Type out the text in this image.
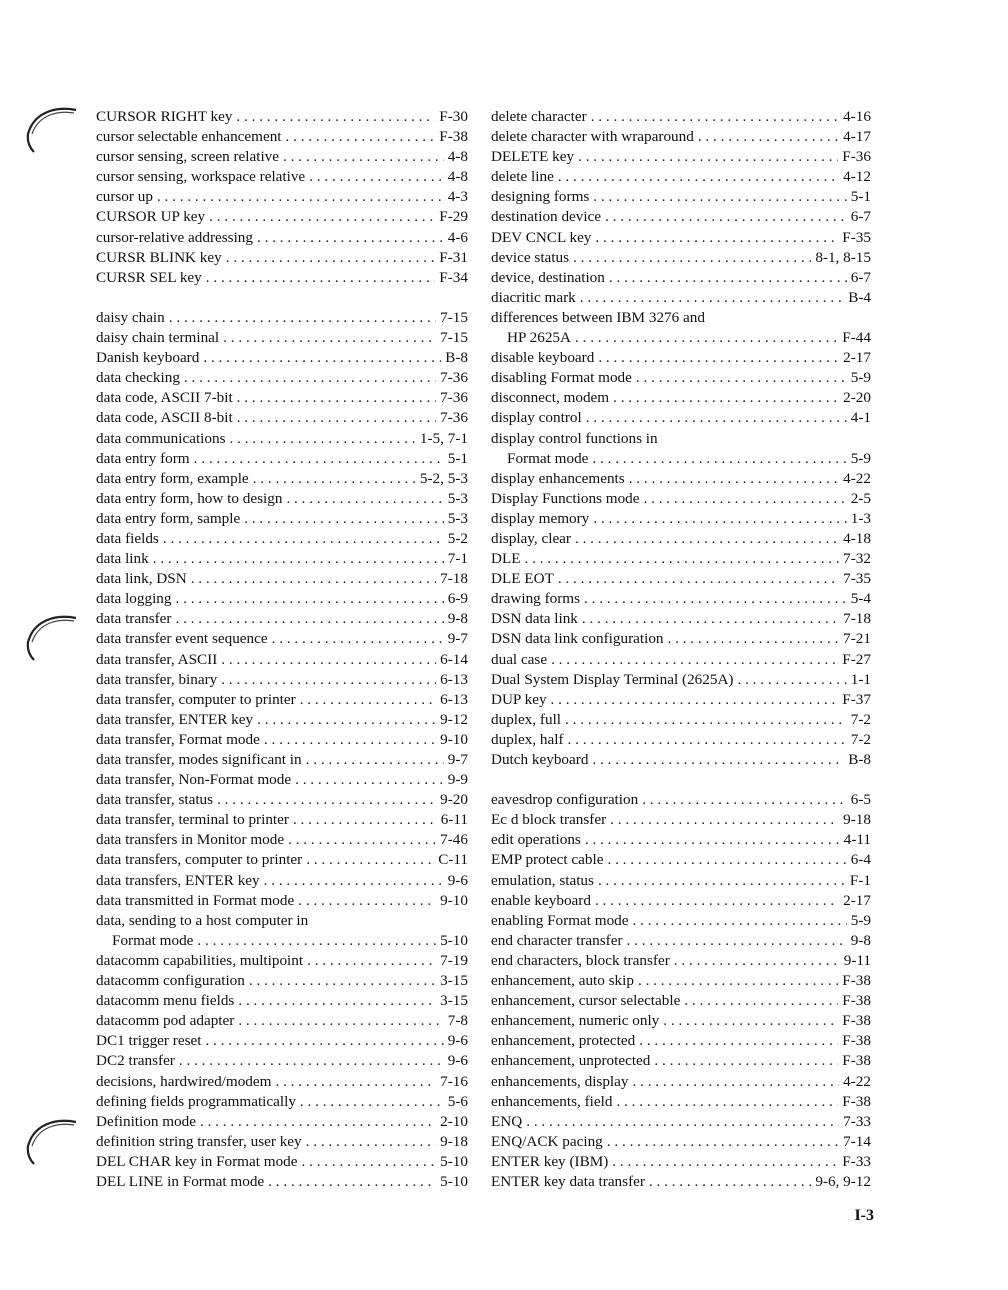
CURSOR RIGHT key . . .	F-30
cursor selectable enhancement . . .	F-38
cursor sensing, screen relative . . .	4-8
cursor sensing, workspace relative . . .	4-8
cursor up . . .	4-3
CURSOR UP key . . .	F-29
cursor-relative addressing . . .	4-6
CURSR BLINK key . . .	F-31
CURSR SEL key . . .	F-34
daisy chain . . .	7-15
daisy chain terminal . . .	7-15
Danish keyboard . . .	B-8
data checking . . .	7-36
data code, ASCII 7-bit . . .	7-36
data code, ASCII 8-bit . . .	7-36
data communications . . .	1-5, 7-1
data entry form . . .	5-1
data entry form, example . . .	5-2, 5-3
data entry form, how to design . . .	5-3
data entry form, sample . . .	5-3
data fields . . .	5-2
data link . . .	7-1
data link, DSN . . .	7-18
data logging . . .	6-9
data transfer . . .	9-8
data transfer event sequence . . .	9-7
data transfer, ASCII . . .	6-14
data transfer, binary . . .	6-13
data transfer, computer to printer . . .	6-13
data transfer, ENTER key . . .	9-12
data transfer, Format mode . . .	9-10
data transfer, modes significant in . . .	9-7
data transfer, Non-Format mode . . .	9-9
data transfer, status . . .	9-20
data transfer, terminal to printer . . .	6-11
data transfers in Monitor mode . . .	7-46
data transfers, computer to printer . . .	C-11
data transfers, ENTER key . . .	9-6
data transmitted in Format mode . . .	9-10
data, sending to a host computer in
Format mode . . .	5-10
datacomm capabilities, multipoint . . .	7-19
datacomm configuration . . .	3-15
datacomm menu fields . . .	3-15
datacomm pod adapter . . .	7-8
DC1 trigger reset . . .	9-6
DC2 transfer . . .	9-6
decisions, hardwired/modem . . .	7-16
defining fields programmatically . . .	5-6
Definition mode . . .	2-10
definition string transfer, user key . . .	9-18
DEL CHAR key in Format mode . . .	5-10
DEL LINE in Format mode . . .	5-10
delete character . . .	4-16
delete character with wraparound . . .	4-17
DELETE key . . .	F-36
delete line . . .	4-12
designing forms . . .	5-1
destination device . . .	6-7
DEV CNCL key . . .	F-35
device status . . .	8-1, 8-15
device, destination . . .	6-7
diacritic mark . . .	B-4
differences between IBM 3276 and
HP 2625A . . .	F-44
disable keyboard . . .	2-17
disabling Format mode . . .	5-9
disconnect, modem . . .	2-20
display control . . .	4-1
display control functions in
Format mode . . .	5-9
display enhancements . . .	4-22
Display Functions mode . . .	2-5
display memory . . .	1-3
display, clear . . .	4-18
DLE . . .	7-32
DLE EOT . . .	7-35
drawing forms . . .	5-4
DSN data link . . .	7-18
DSN data link configuration . . .	7-21
dual case . . .	F-27
Dual System Display Terminal (2625A) . . .	1-1
DUP key . . .	F-37
duplex, full . . .	7-2
duplex, half . . .	7-2
Dutch keyboard . . .	B-8
eavesdrop configuration . . .	6-5
Ec d block transfer . . .	9-18
edit operations . . .	4-11
EMP protect cable . . .	6-4
emulation, status . . .	F-1
enable keyboard . . .	2-17
enabling Format mode . . .	5-9
end character transfer . . .	9-8
end characters, block transfer . . .	9-11
enhancement, auto skip . . .	F-38
enhancement, cursor selectable . . .	F-38
enhancement, numeric only . . .	F-38
enhancement, protected . . .	F-38
enhancement, unprotected . . .	F-38
enhancements, display . . .	4-22
enhancements, field . . .	F-38
ENQ . . .	7-33
ENQ/ACK pacing . . .	7-14
ENTER key (IBM) . . .	F-33
ENTER key data transfer . . .	9-6, 9-12
I-3
